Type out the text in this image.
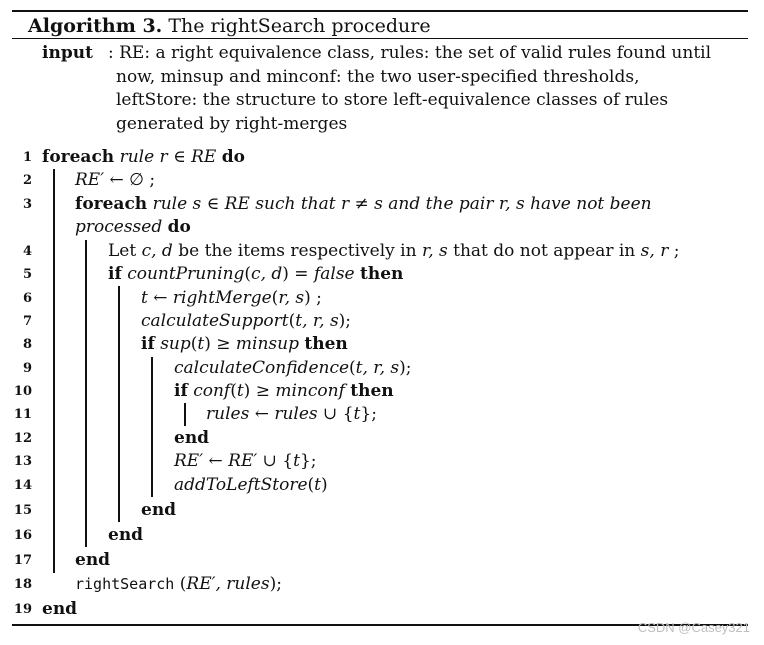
Algorithm 3. The rightSearch procedure
input : RE: a right equivalence class, rules: the set of valid rules found until
now, minsup and minconf: the two user-specified thresholds,
leftStore: the structure to store left-equivalence classes of rules
generated by right-merges
1 foreach rule r ∈ RE do
2	RE′ ← ∅ ;
3	foreach rule s ∈ RE such that r ≠ s and the pair r, s have not been
processed do
4	Let c, d be the items respectively in r, s that do not appear in s, r ;
5	if countPruning(c, d) = false then
6	t ← rightMerge(r, s) ;
7	calculateSupport(t, r, s);
8	if sup(t) ≥ minsup then
9	calculateConfidence(t, r, s);
10	if conf(t) ≥ minconf then
11	rules ← rules ∪ {t};
12	end
13	RE′ ← RE′ ∪ {t};
14	addToLeftStore(t)
15	end
16	end
17	end
18	rightSearch (RE′, rules);
19 end
CSDN @Casey321
